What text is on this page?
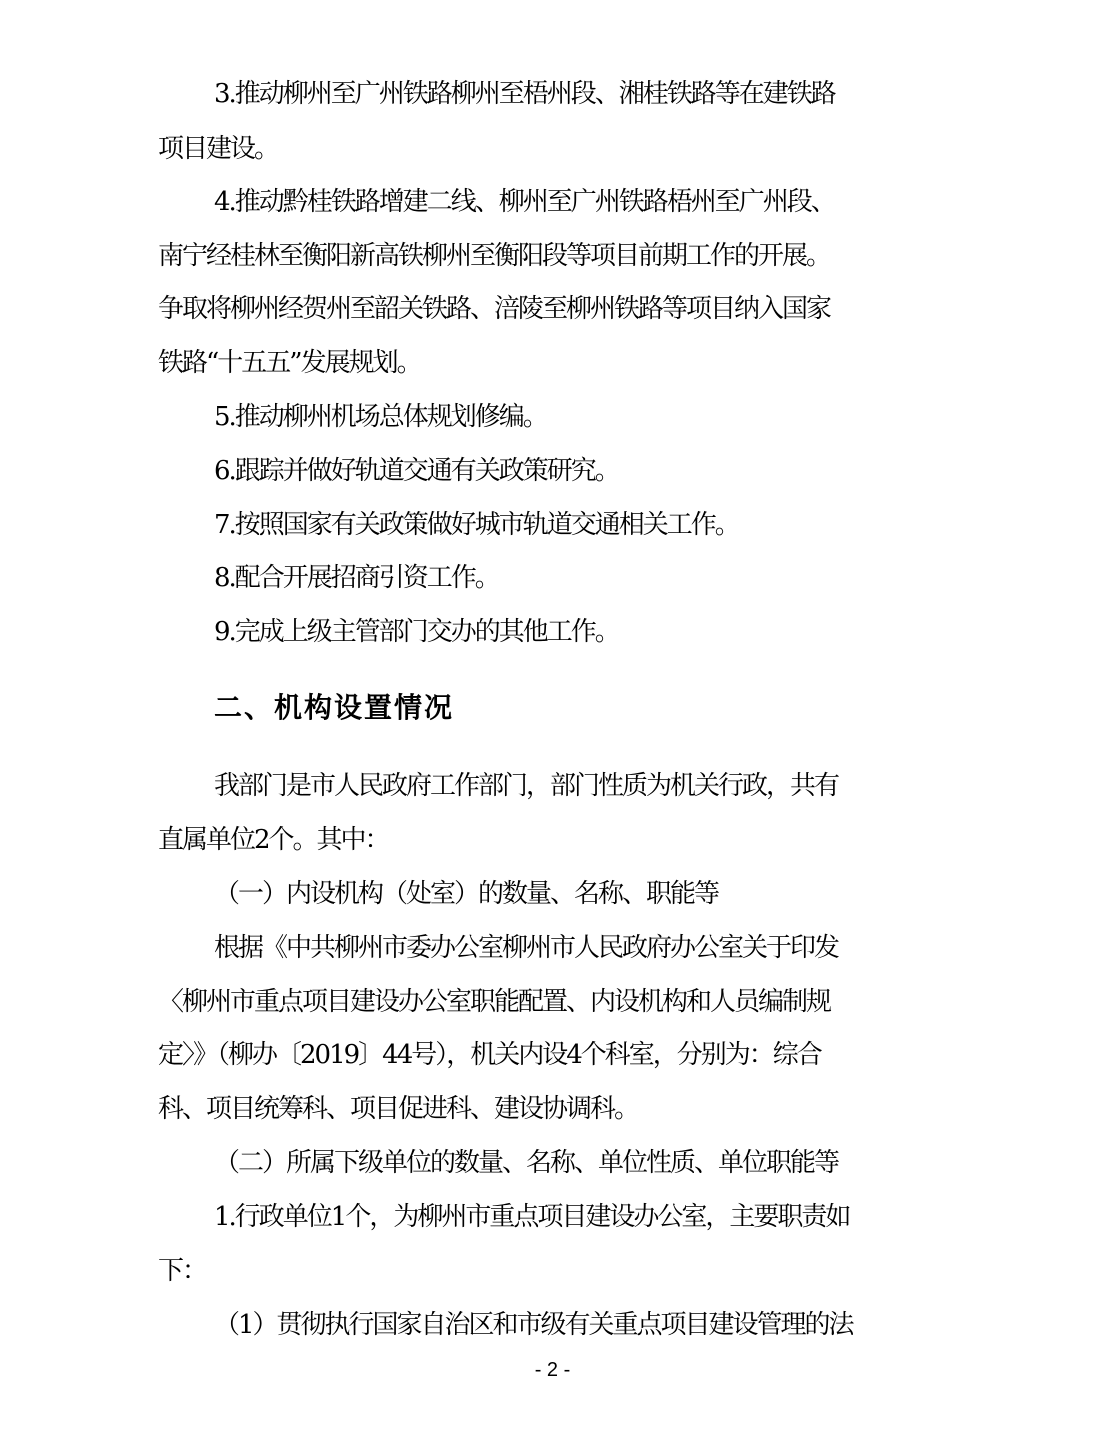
3.推动柳州至广州铁路柳州至梧州段、湘桂铁路等在建铁路
项目建设。
4.推动黔桂铁路增建二线、柳州至广州铁路梧州至广州段、
南宁经桂林至衡阳新高铁柳州至衡阳段等项目前期工作的开展。
争取将柳州经贺州至韶关铁路、涪陵至柳州铁路等项目纳入国家
铁路“十五五”发展规划。
5.推动柳州机场总体规划修编。
6.跟踪并做好轨道交通有关政策研究。
7.按照国家有关政策做好城市轨道交通相关工作。
8.配合开展招商引资工作。
9.完成上级主管部门交办的其他工作。
二、机构设置情况
我部门是市人民政府工作部门，部门性质为机关行政，共有
直属单位2个。其中：
（一）内设机构（处室）的数量、名称、职能等
根据《中共柳州市委办公室柳州市人民政府办公室关于印发
〈柳州市重点项目建设办公室职能配置、内设机构和人员编制规
定〉》（柳办〔2019〕44号），机关内设4个科室，分别为：综合
科、项目统筹科、项目促进科、建设协调科。
（二）所属下级单位的数量、名称、单位性质、单位职能等
1.行政单位1个，为柳州市重点项目建设办公室，主要职责如
下：
（1）贯彻执行国家自治区和市级有关重点项目建设管理的法
- 2 -
